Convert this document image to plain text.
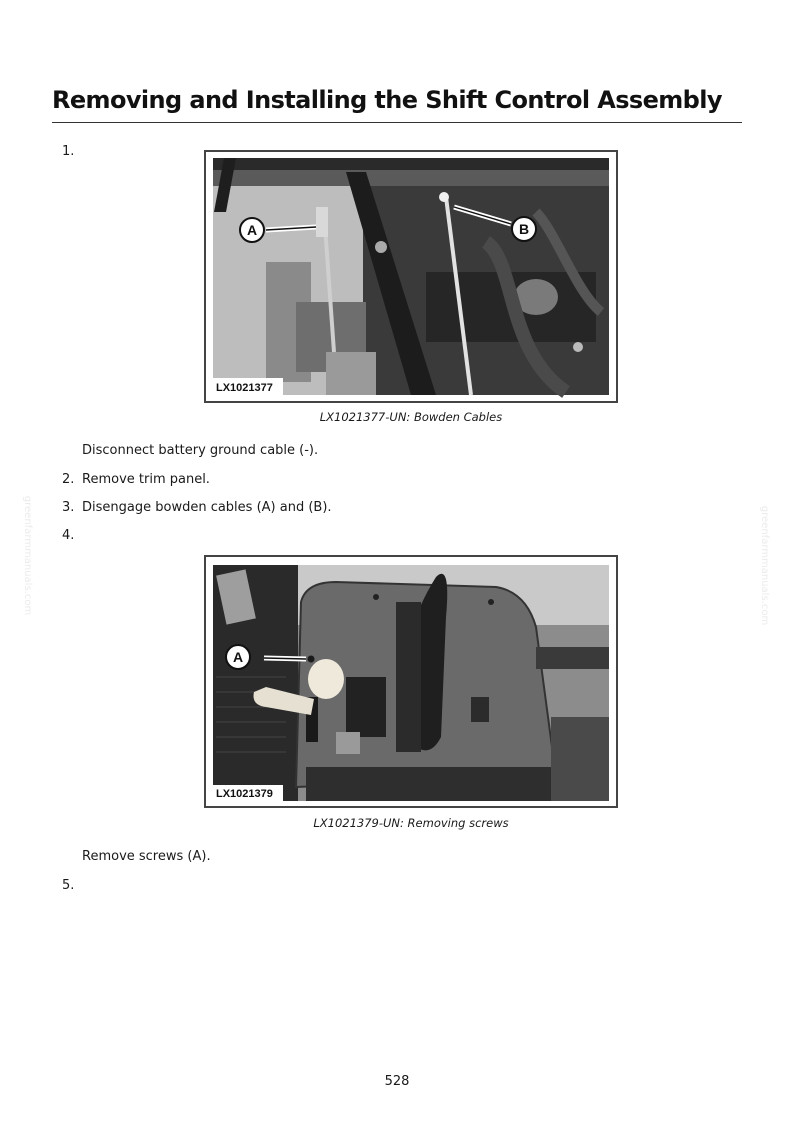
Removing and Installing the Shift Control Assembly
greenfarmmanuals.com	greenfarmmanuals.com
1.
A	B
LX1021377
LX1021377-UN: Bowden Cables
Disconnect battery ground cable (-).
2. Remove trim panel.
3. Disengage bowden cables (A) and (B).
4.
A
LX1021379
LX1021379-UN: Removing screws
Remove screws (A).
5.
528
